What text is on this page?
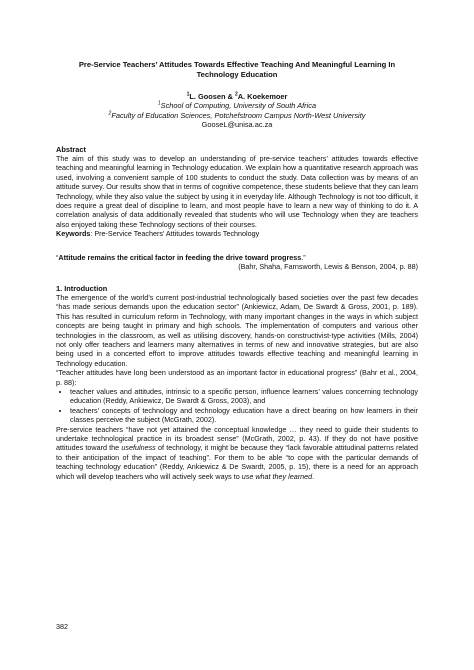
Pre-Service Teachers’ Attitudes Towards Effective Teaching And Meaningful Learning In
Technology Education

$^1$L. Goosen & $^2$A. Koekemoer
$^1$School of Computing, University of South Africa
$^2$Faculty of Education Sciences, Potchefstroom Campus North-West University
GooseL@unisa.ac.za
Abstract

The aim of this study was to develop an understanding of pre-service teachers’ attitudes towards effective teaching and meaningful learning in Technology education. We explain how a quantitative research approach was used, involving a convenient sample of 100 students to conduct the study. Data collection was by means of an attitude survey. Our results show that in terms of cognitive competence, these students believe that they can learn Technology, while they also value the subject by using it in everyday life. Although Technology is not too difficult, it does require a great deal of discipline to learn, and most people have to learn a new way of thinking to do it. A correlation analysis of data additionally revealed that students who will use Technology when they are teachers also enjoyed taking these Technology sections of their courses.

Keywords: Pre-Service Teachers’ Attitudes towards Technology

“Attitude remains the critical factor in feeding the drive toward progress.”
(Bahr, Shaha, Farnsworth, Lewis & Benson, 2004, p. 88)
1. Introduction

The emergence of the world’s current post-industrial technologically based societies over the past few decades “has made serious demands upon the education sector” (Ankiewicz, Adam, De Swardt & Gross, 2001, p. 189). This has resulted in curriculum reform in Technology, with many important changes in the ways in which subject concepts are being taught in primary and high schools. The implementation of computers and various other technologies in the classroom, as well as utilising discovery, hands-on constructivist-type activities (Mills, 2004) not only offer teachers and learners many alternatives in terms of new and innovative strategies, but are also being used in a concerted effort to improve attitudes towards effective teaching and meaningful learning in Technology education.

“Teacher attitudes have long been understood as an important factor in educational progress” (Bahr et al., 2004, p. 88):

• teacher values and attitudes, intrinsic to a specific person, influence learners’ values concerning technology education (Reddy, Ankiewicz, De Swardt & Gross, 2003), and
• teachers’ concepts of technology and technology education have a direct bearing on how learners in their classes perceive the subject (McGrath, 2002).

Pre-service teachers “have not yet attained the conceptual knowledge … they need to guide their students to undertake technological practice in its broadest sense” (McGrath, 2002, p. 43). If they do not have positive attitudes toward the usefulness of technology, it might be because they “lack favorable attitudinal patterns related to their anticipation of the impact of teaching”. For them to be able “to cope with the particular demands of teaching technology education” (Reddy, Ankiewicz & De Swardt, 2005, p. 15), there is a need for an approach which will develop teachers who will actively seek ways to use what they learned.

382
